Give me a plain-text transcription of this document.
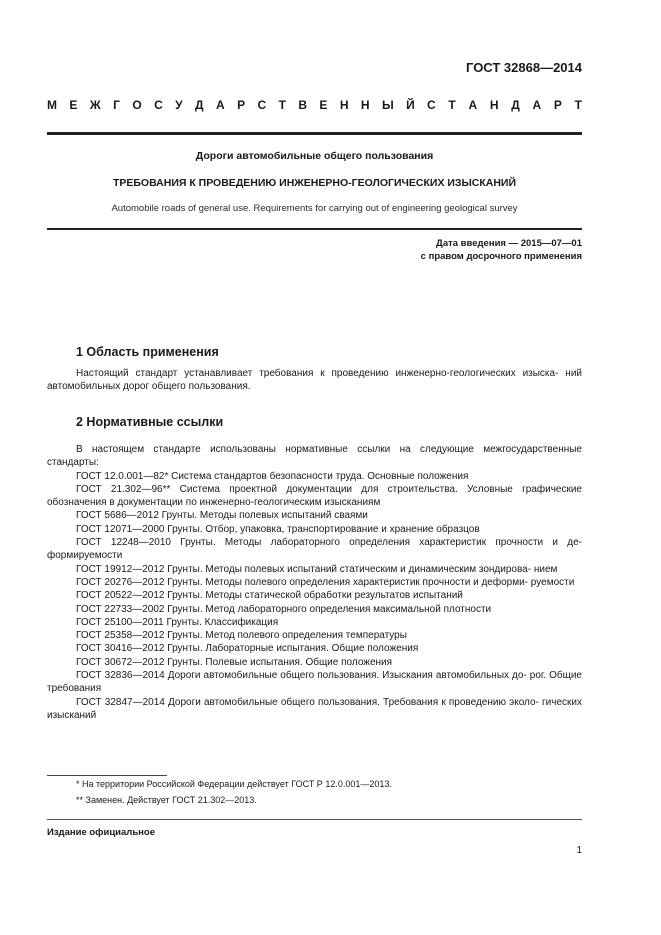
ГОСТ 32868—2014
М Е Ж Г О С У Д А Р С Т В Е Н Н Ы Й С Т А Н Д А Р Т
Дороги автомобильные общего пользования
ТРЕБОВАНИЯ К ПРОВЕДЕНИЮ ИНЖЕНЕРНО-ГЕОЛОГИЧЕСКИХ ИЗЫСКАНИЙ
Automobile roads of general use. Requirements for carrying out of engineering geological survey
Дата введения — 2015—07—01
с правом досрочного применения
1 Область применения

Настоящий стандарт устанавливает требования к проведению инженерно-геологических изыска- ний автомобильных дорог общего пользования.

2 Нормативные ссылки

В настоящем стандарте использованы нормативные ссылки на следующие межгосударственные стандарты:

ГОСТ 12.0.001—82* Система стандартов безопасности труда. Основные положения

ГОСТ 21.302—96** Система проектной документации для строительства. Условные графические обозначения в документации по инженерно-геологическим изысканиям

ГОСТ 5686—2012 Грунты. Методы полевых испытаний сваями

ГОСТ 12071—2000 Грунты. Отбор, упаковка, транспортирование и хранение образцов

ГОСТ 12248—2010 Грунты. Методы лабораторного определения характеристик прочности и де- формируемости

ГОСТ 19912—2012 Грунты. Методы полевых испытаний статическим и динамическим зондирова- нием

ГОСТ 20276—2012 Грунты. Методы полевого определения характеристик прочности и деформи- руемости

ГОСТ 20522—2012 Грунты. Методы статической обработки результатов испытаний

ГОСТ 22733—2002 Грунты. Метод лабораторного определения максимальной плотности

ГОСТ 25100—2011 Грунты. Классификация

ГОСТ 25358—2012 Грунты. Метод полевого определения температуры

ГОСТ 30416—2012 Грунты. Лабораторные испытания. Общие положения

ГОСТ 30672—2012 Грунты. Полевые испытания. Общие положения

ГОСТ 32836—2014 Дороги автомобильные общего пользования. Изыскания автомобильных до- рог. Общие требования

ГОСТ 32847—2014 Дороги автомобильные общего пользования. Требования к проведению эколо- гических изысканий

* На территории Российской Федерации действует ГОСТ Р 12.0.001—2013.
** Заменен. Действует ГОСТ 21.302—2013.
Издание официальное
1
